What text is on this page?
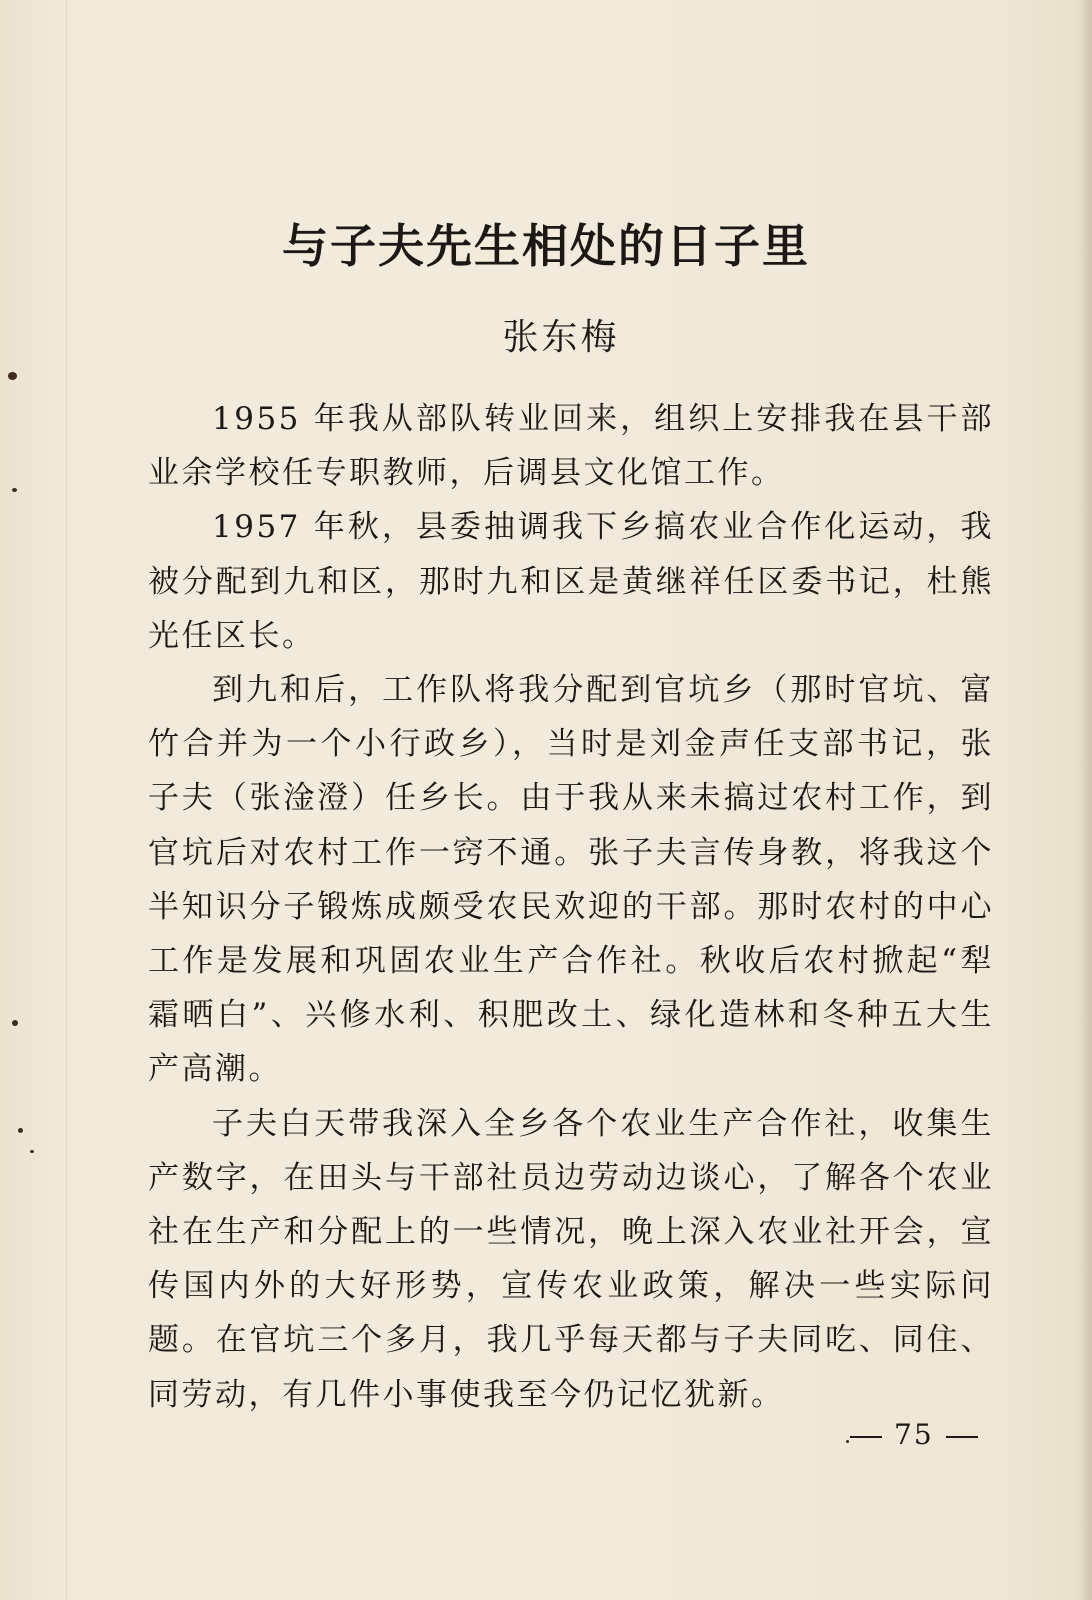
与子夫先生相处的日子里
张东梅

1955 年我从部队转业回来，组织上安排我在县干部业余学校任专职教师，后调县文化馆工作。

1957 年秋，县委抽调我下乡搞农业合作化运动，我被分配到九和区，那时九和区是黄继祥任区委书记，杜熊光任区长。

到九和后，工作队将我分配到官坑乡（那时官坑、富竹合并为一个小行政乡），当时是刘金声任支部书记，张子夫（张淦澄）任乡长。由于我从来未搞过农村工作，到官坑后对农村工作一窍不通。张子夫言传身教，将我这个半知识分子锻炼成颇受农民欢迎的干部。那时农村的中心工作是发展和巩固农业生产合作社。秋收后农村掀起“犁霜晒白”、兴修水利、积肥改土、绿化造林和冬种五大生产高潮。

子夫白天带我深入全乡各个农业生产合作社，收集生产数字，在田头与干部社员边劳动边谈心，了解各个农业社在生产和分配上的一些情况，晚上深入农业社开会，宣传国内外的大好形势，宣传农业政策，解决一些实际问题。在官坑三个多月，我几乎每天都与子夫同吃、同住、同劳动，有几件小事使我至今仍记忆犹新。

75
